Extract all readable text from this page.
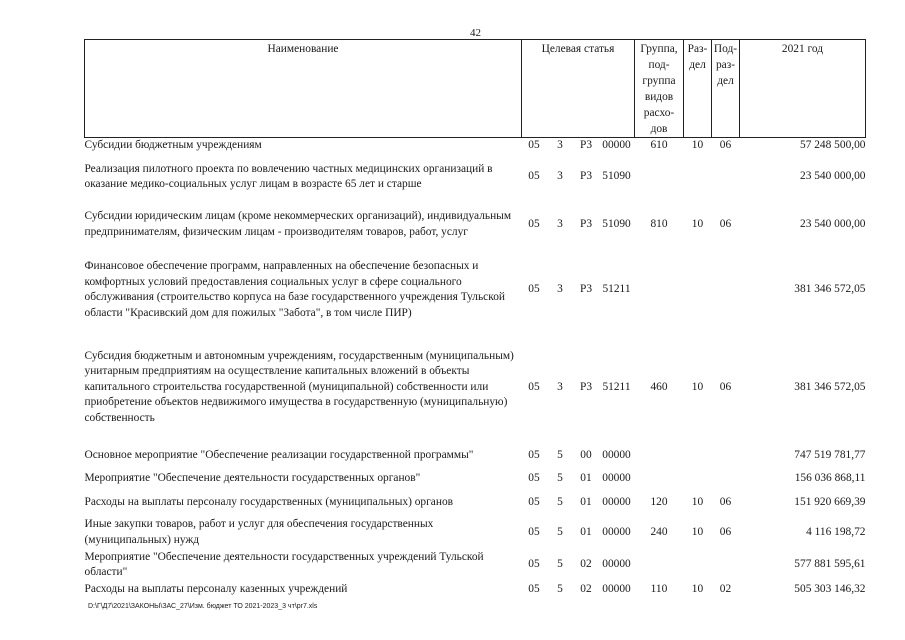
42
Наименование	Целевая статья				Группа, под- группа видов расхо- дов	Раз- дел	Под- раз- дел	2021 год
Субсидии бюджетным учреждениям	05	3	Р3	00000	610	10	06	57 248 500,00
Реализация пилотного проекта по вовлечению частных медицинских организаций в оказание медико-социальных услуг лицам в возрасте 65 лет и старше	05	3	Р3	51090				23 540 000,00
Субсидии юридическим лицам (кроме некоммерческих организаций), индивидуальным предпринимателям, физическим лицам - производителям товаров, работ, услуг	05	3	Р3	51090	810	10	06	23 540 000,00
Финансовое обеспечение программ, направленных на обеспечение безопасных и комфортных условий предоставления социальных услуг в сфере социального обслуживания (строительство корпуса на базе государственного учреждения Тульской области "Красивский дом для пожилых "Забота", в том числе ПИР)	05	3	Р3	51211				381 346 572,05
Субсидия бюджетным и автономным учреждениям, государственным (муниципальным) унитарным предприятиям на осуществление капитальных вложений в объекты капитального строительства государственной (муниципальной) собственности или приобретение объектов недвижимого имущества в государственную (муниципальную) собственность	05	3	Р3	51211	460	10	06	381 346 572,05
Основное мероприятие "Обеспечение реализации государственной программы"	05	5	00	00000				747 519 781,77
Мероприятие "Обеспечение деятельности государственных органов"	05	5	01	00000				156 036 868,11
Расходы на выплаты персоналу государственных (муниципальных) органов	05	5	01	00000	120	10	06	151 920 669,39
Иные закупки товаров, работ и услуг для обеспечения государственных (муниципальных) нужд	05	5	01	00000	240	10	06	4 116 198,72
Мероприятие "Обеспечение деятельности государственных учреждений Тульской области"	05	5	02	00000				577 881 595,61
Расходы на выплаты персоналу казенных учреждений	05	5	02	00000	110	10	02	505 303 146,32
D:\Г\Д7\2021\ЗАКОНЫ\ЗАС_27\Изм. бюджет ТО 2021-2023_3 чт\pr7.xls
